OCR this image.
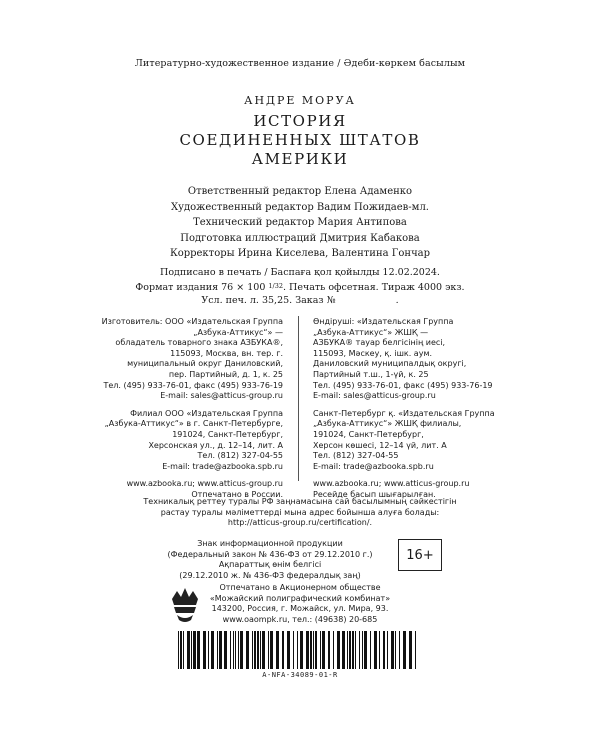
Литературно-художественное издание / Әдеби-көркем басылым
АНДРЕ МОРУА
ИСТОРИЯ
СОЕДИНЕННЫХ ШТАТОВ
АМЕРИКИ
Ответственный редактор Елена Адаменко
Художественный редактор Вадим Пожидаев-мл.
Технический редактор Мария Антипова
Подготовка иллюстраций Дмитрия Кабакова
Корректоры Ирина Киселева, Валентина Гончар
Подписано в печать / Баспаға қол қойылды 12.02.2024.
Формат издания 76 × 100 $^{1/32}$. Печать офсетная. Тираж 4000 экз.
Усл. печ. л. 35,25. Заказ №	.

Изготовитель: ООО «Издательская Группа

„Азбука-Аттикус“» —

обладатель товарного знака АЗБУКА®,

115093, Москва, вн. тер. г.

муниципальный округ Даниловский,

пер. Партийный, д. 1, к. 25

Тел. (495) 933-76-01, факс (495) 933-76-19

E-mail: sales@atticus-group.ru

Филиал ООО «Издательская Группа

„Азбука-Аттикус“» в г. Санкт-Петербурге,

191024, Санкт-Петербург,

Херсонская ул., д. 12–14, лит. А

Тел. (812) 327-04-55

E-mail: trade@azbooka.spb.ru

www.azbooka.ru; www.atticus-group.ru

Отпечатано в России.

Өндіруші: «Издательская Группа

„Азбука-Аттикус“» ЖШҚ —

АЗБУКА® тауар белгісінің иесі,

115093, Мәскеу, қ. ішк. аум.

Даниловский муниципалдық округі,

Партийный т.ш., 1-үй, к. 25

Тел. (495) 933-76-01, факс (495) 933-76-19

E-mail: sales@atticus-group.ru

Санкт-Петербург қ. «Издательская Группа

„Азбука-Аттикус“» ЖШҚ филиалы,

191024, Санкт-Петербург,

Херсон көшесі, 12–14 үй, лит. А

Тел. (812) 327-04-55

E-mail: trade@azbooka.spb.ru

www.azbooka.ru; www.atticus-group.ru

Ресейде басып шығарылған.

Техникалық реттеу туралы РФ заңнамасына сай басылымның сәйкестігін
растау туралы мәліметтерді мына адрес бойынша алуға болады:
http://atticus-group.ru/certification/.
Знак информационной продукции
(Федеральный закон № 436-ФЗ от 29.12.2010 г.)
Ақпараттық өнім белгісі
(29.12.2010 ж. № 436-ФЗ федералдық заң)
16+
Отпечатано в Акционерном обществе
«Можайский полиграфический комбинат»
143200, Россия, г. Можайск, ул. Мира, 93.
www.oaompk.ru, тел.: (49638) 20-685
A-NFA-34089-01-R
